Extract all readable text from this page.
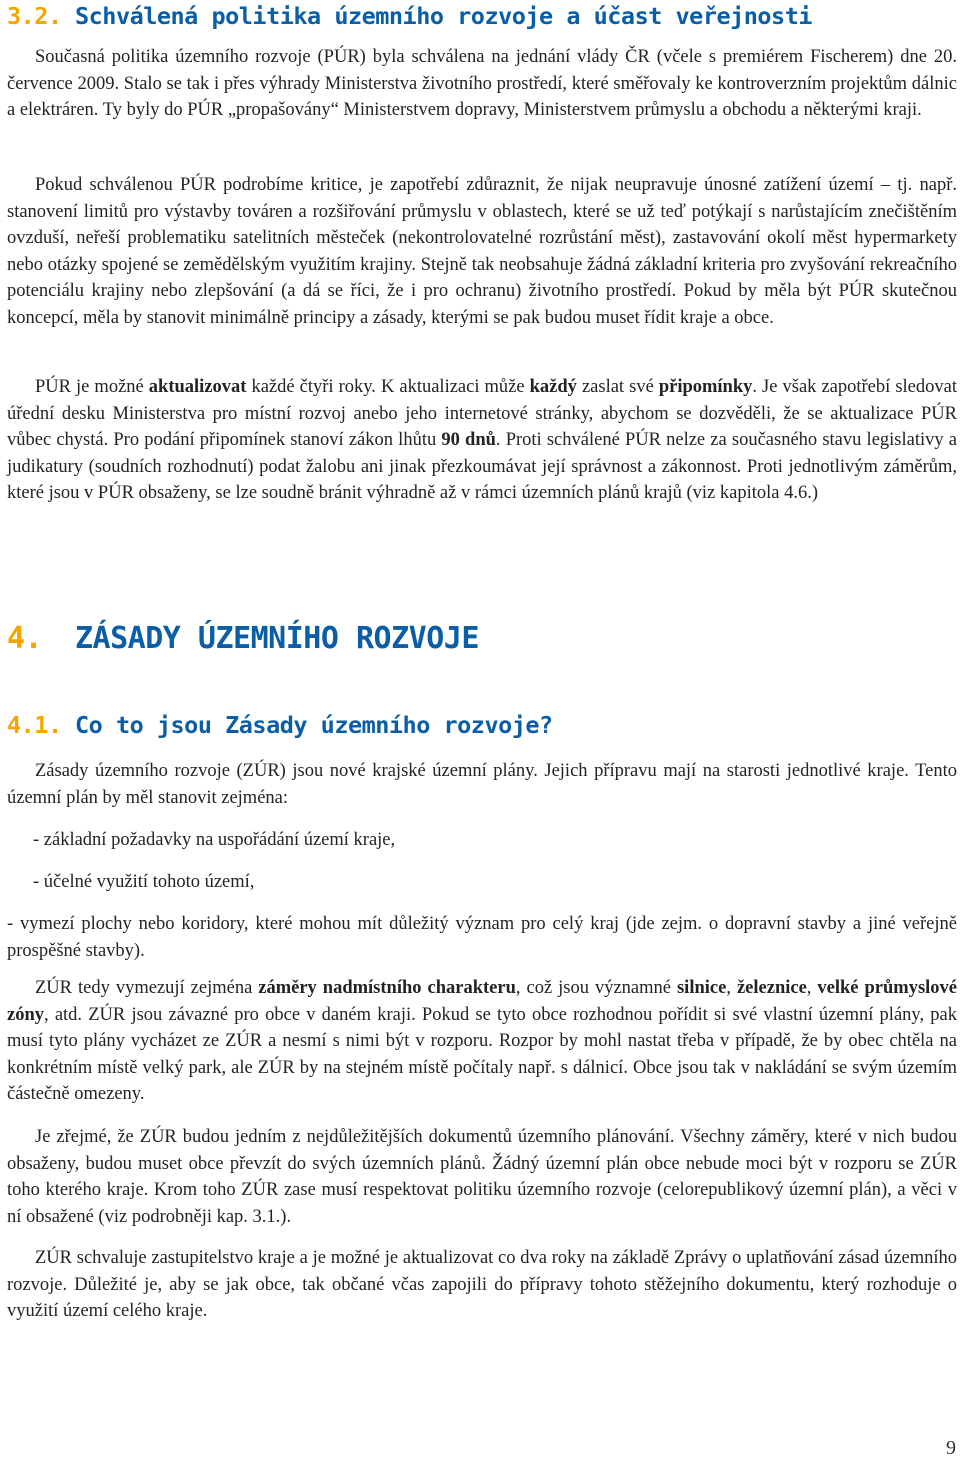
3.2. Schválená politika územního rozvoje a účast veřejnosti

Současná politika územního rozvoje (PÚR) byla schválena na jednání vlády ČR (včele s premiérem Fischerem) dne 20. července 2009. Stalo se tak i přes výhrady Ministerstva životního prostředí, které směřovaly ke kontroverzním projektům dálnic a elektráren. Ty byly do PÚR „propašovány“ Ministerstvem dopravy, Ministerstvem průmyslu a obchodu a některými kraji.

Pokud schválenou PÚR podrobíme kritice, je zapotřebí zdůraznit, že nijak neupravuje únosné zatížení území – tj. např. stanovení limitů pro výstavby továren a rozšiřování průmyslu v oblastech, které se už teď potýkají s narůstajícím znečištěním ovzduší, neřeší problematiku satelitních městeček (nekontrolovatelné rozrůstání měst), zastavování okolí měst hypermarkety nebo otázky spojené se zemědělským využitím krajiny. Stejně tak neobsahuje žádná základní kriteria pro zvyšování rekreačního potenciálu krajiny nebo zlepšování (a dá se říci, že i pro ochranu) životního prostředí. Pokud by měla být PÚR skutečnou koncepcí, měla by stanovit minimálně principy a zásady, kterými se pak budou muset řídit kraje a obce.

PÚR je možné aktualizovat každé čtyři roky. K aktualizaci může každý zaslat své připomínky. Je však zapotřebí sledovat úřední desku Ministerstva pro místní rozvoj anebo jeho internetové stránky, abychom se dozvěděli, že se aktualizace PÚR vůbec chystá. Pro podání připomínek stanoví zákon lhůtu 90 dnů. Proti schválené PÚR nelze za současného stavu legislativy a judikatury (soudních rozhodnutí) podat žalobu ani jinak přezkoumávat její správnost a zákonnost. Proti jednotlivým záměrům, které jsou v PÚR obsaženy, se lze soudně bránit výhradně až v rámci územních plánů krajů (viz kapitola 4.6.)

4. ZÁSADY ÚZEMNÍHO ROZVOJE
4.1. Co to jsou Zásady územního rozvoje?

Zásady územního rozvoje (ZÚR) jsou nové krajské územní plány. Jejich přípravu mají na starosti jednotlivé kraje. Tento územní plán by měl stanovit zejména:

- základní požadavky na uspořádání území kraje,

- účelné využití tohoto území,

- vymezí plochy nebo koridory, které mohou mít důležitý význam pro celý kraj (jde zejm. o dopravní stavby a jiné veřejně prospěšné stavby).

ZÚR tedy vymezují zejména záměry nadmístního charakteru, což jsou významné silnice, železnice, velké průmyslové zóny, atd. ZÚR jsou závazné pro obce v daném kraji. Pokud se tyto obce rozhodnou pořídit si své vlastní územní plány, pak musí tyto plány vycházet ze ZÚR a nesmí s nimi být v rozporu. Rozpor by mohl nastat třeba v případě, že by obec chtěla na konkrétním místě velký park, ale ZÚR by na stejném místě počítaly např. s dálnicí. Obce jsou tak v nakládání se svým územím částečně omezeny.

Je zřejmé, že ZÚR budou jedním z nejdůležitějších dokumentů územního plánování. Všechny záměry, které v nich budou obsaženy, budou muset obce převzít do svých územních plánů. Žádný územní plán obce nebude moci být v rozporu se ZÚR toho kterého kraje. Krom toho ZÚR zase musí respektovat politiku územního rozvoje (celorepublikový územní plán), a věci v ní obsažené (viz podrobněji kap. 3.1.).

ZÚR schvaluje zastupitelstvo kraje a je možné je aktualizovat co dva roky na základě Zprávy o uplatňování zásad územního rozvoje. Důležité je, aby se jak obce, tak občané včas zapojili do přípravy tohoto stěžejního dokumentu, který rozhoduje o využití území celého kraje.

9
